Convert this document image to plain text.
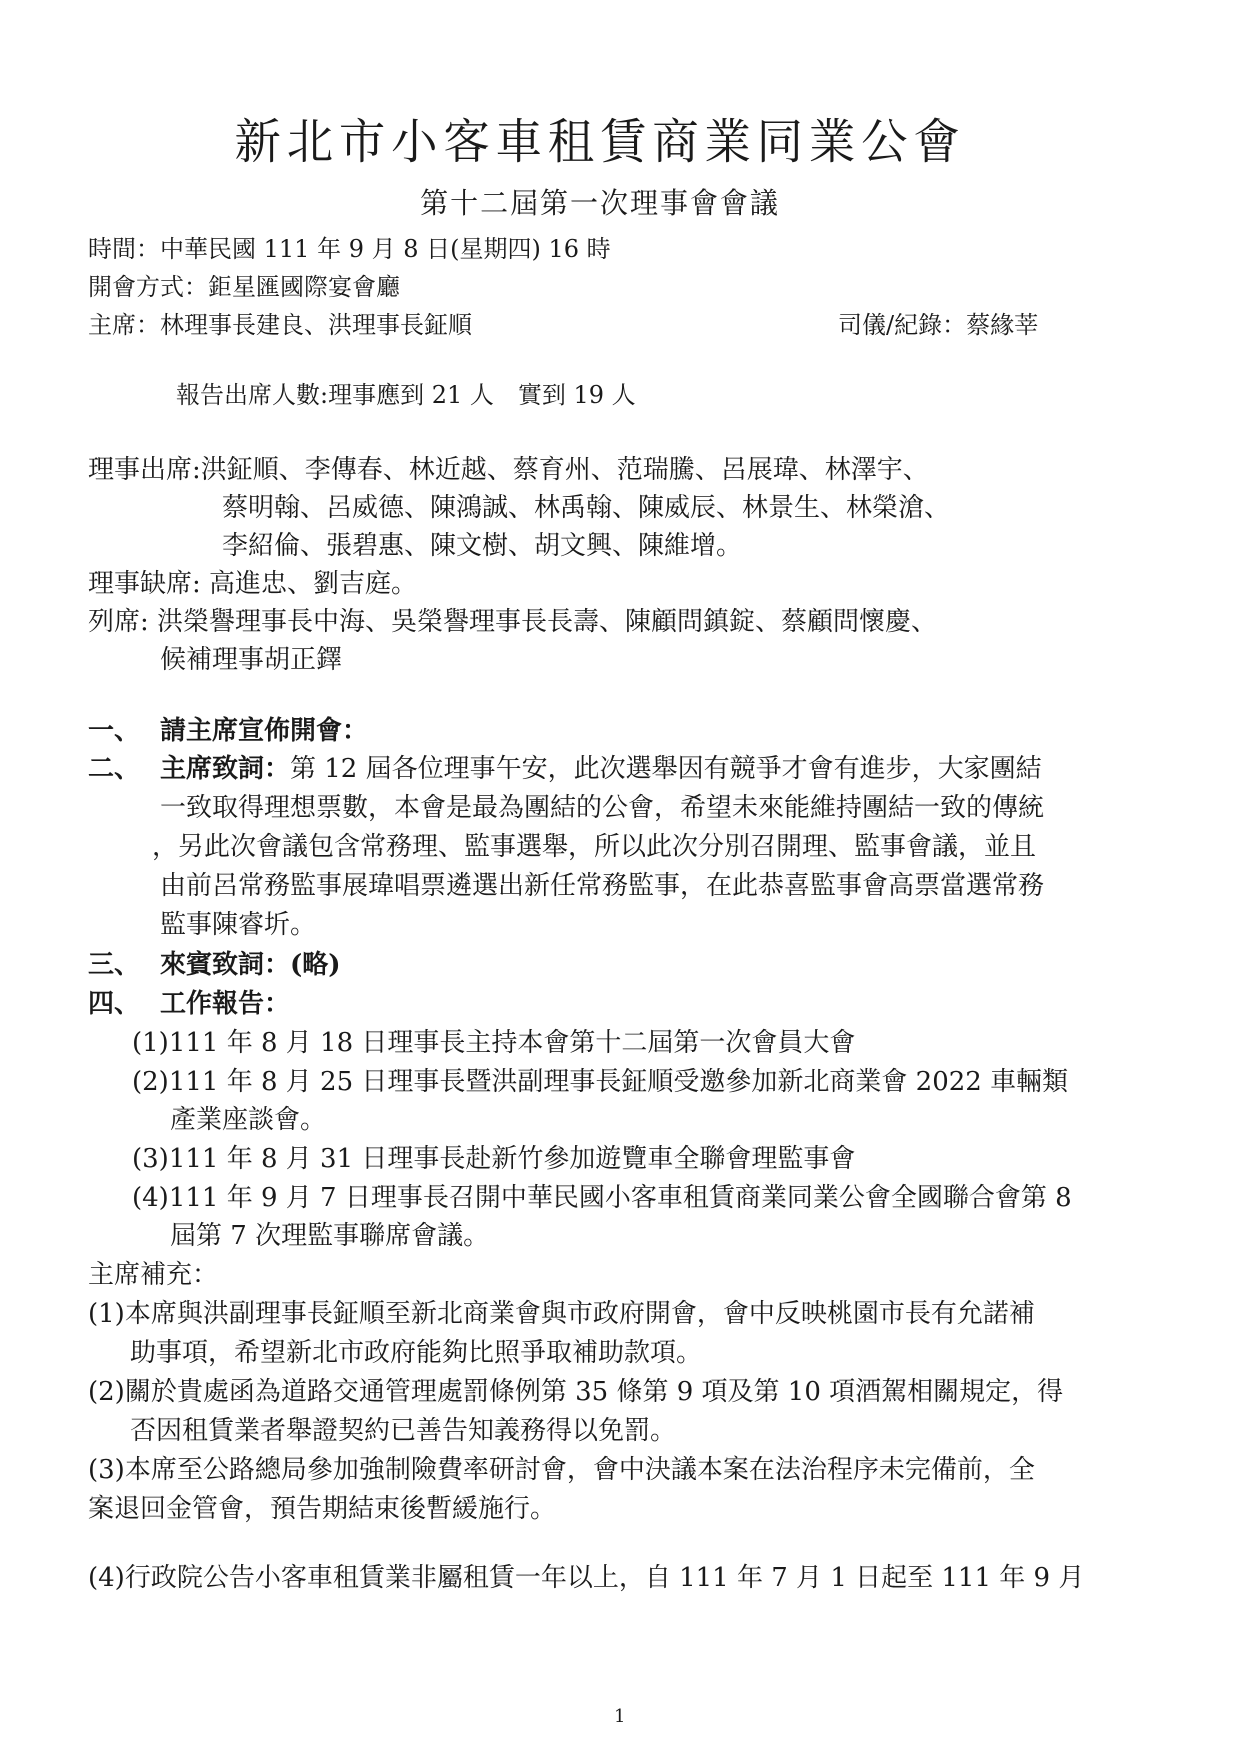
新北市小客車租賃商業同業公會
第十二屆第一次理事會會議
時間：中華民國 111 年 9 月 8 日(星期四) 16 時
開會方式：鉅星匯國際宴會廳
主席：林理事長建良、洪理事長鉦順	司儀/紀錄：蔡緣莘
報告出席人數:理事應到 21 人　實到 19 人
理事出席:洪鉦順、李傳春、林近越、蔡育州、范瑞騰、呂展瑋、林澤宇、
蔡明翰、呂威德、陳鴻誠、林禹翰、陳威辰、林景生、林榮滄、
李紹倫、張碧惠、陳文樹、胡文興、陳維增。
理事缺席: 高進忠、劉吉庭。
列席: 洪榮譽理事長中海、吳榮譽理事長長壽、陳顧問鎮錠、蔡顧問懷慶、
候補理事胡正鐸
一、 請主席宣佈開會：
二、 主席致詞： 第 12 屆各位理事午安，此次選舉因有競爭才會有進步，大家團結
一致取得理想票數，本會是最為團結的公會，希望未來能維持團結一致的傳統
，另此次會議包含常務理、監事選舉，所以此次分別召開理、監事會議，並且
由前呂常務監事展瑋唱票遴選出新任常務監事，在此恭喜監事會高票當選常務
監事陳睿圻。
三、 來賓致詞：(略)
四、 工作報告：
(1)111 年 8 月 18 日理事長主持本會第十二屆第一次會員大會
(2)111 年 8 月 25 日理事長暨洪副理事長鉦順受邀參加新北商業會 2022 車輛類
產業座談會。
(3)111 年 8 月 31 日理事長赴新竹參加遊覽車全聯會理監事會
(4)111 年 9 月 7 日理事長召開中華民國小客車租賃商業同業公會全國聯合會第 8
屆第 7 次理監事聯席會議。
主席補充：
(1)本席與洪副理事長鉦順至新北商業會與市政府開會，會中反映桃園市長有允諾補
助事項，希望新北市政府能夠比照爭取補助款項。
(2)關於貴處函為道路交通管理處罰條例第 35 條第 9 項及第 10 項酒駕相關規定，得
否因租賃業者舉證契約已善告知義務得以免罰。
(3)本席至公路總局參加強制險費率研討會，會中決議本案在法治程序未完備前，全
案退回金管會，預告期結束後暫緩施行。
(4)行政院公告小客車租賃業非屬租賃一年以上，自 111 年 7 月 1 日起至 111 年 9 月
1
